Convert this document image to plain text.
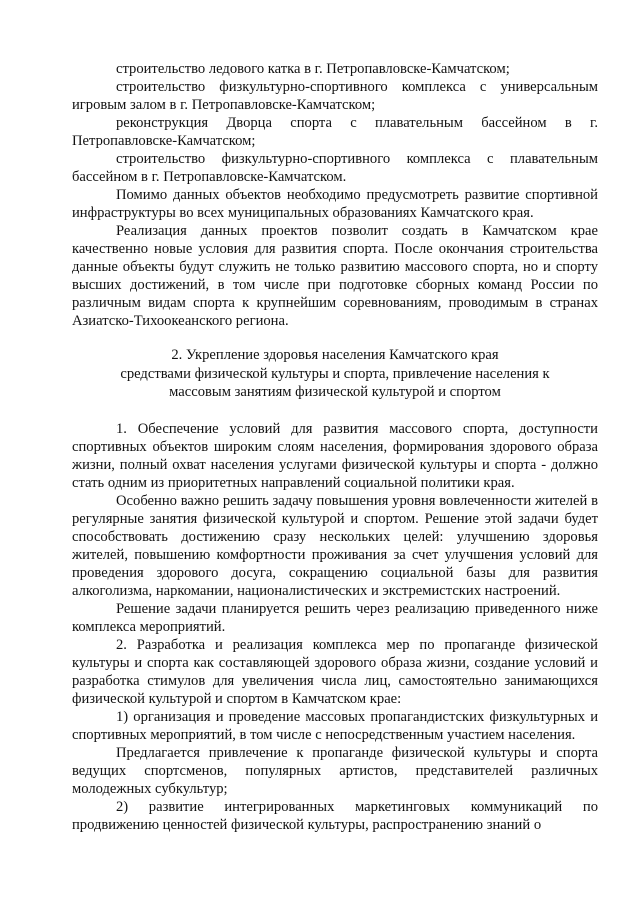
строительство ледового катка в г. Петропавловске-Камчатском;

строительство физкультурно-спортивного комплекса с универсальным игровым залом в г. Петропавловске-Камчатском;

реконструкция Дворца спорта с плавательным бассейном в г. Петропавловске-Камчатском;

строительство физкультурно-спортивного комплекса с плавательным бассейном в г. Петропавловске-Камчатском.

Помимо данных объектов необходимо предусмотреть развитие спортивной инфраструктуры во всех муниципальных образованиях Камчатского края.

Реализация данных проектов позволит создать в Камчатском крае качественно новые условия для развития спорта. После окончания строительства данные объекты будут служить не только развитию массового спорта, но и спорту высших достижений, в том числе при подготовке сборных команд России по различным видам спорта к крупнейшим соревнованиям, проводимым в странах Азиатско-Тихоокеанского региона.

2. Укрепление здоровья населения Камчатского края
средствами физической культуры и спорта, привлечение населения к
массовым занятиям физической культурой и спортом

1. Обеспечение условий для развития массового спорта, доступности спортивных объектов широким слоям населения, формирования здорового образа жизни, полный охват населения услугами физической культуры и спорта - должно стать одним из приоритетных направлений социальной политики края.

Особенно важно решить задачу повышения уровня вовлеченности жителей в регулярные занятия физической культурой и спортом. Решение этой задачи будет способствовать достижению сразу нескольких целей: улучшению здоровья жителей, повышению комфортности проживания за счет улучшения условий для проведения здорового досуга, сокращению социальной базы для развития алкоголизма, наркомании, националистических и экстремистских настроений.

Решение задачи планируется решить через реализацию приведенного ниже комплекса мероприятий.

2. Разработка и реализация комплекса мер по пропаганде физической культуры и спорта как составляющей здорового образа жизни, создание условий и разработка стимулов для увеличения числа лиц, самостоятельно занимающихся физической культурой и спортом в Камчатском крае:

1) организация и проведение массовых пропагандистских физкультурных и спортивных мероприятий, в том числе с непосредственным участием населения.

Предлагается привлечение к пропаганде физической культуры и спорта ведущих спортсменов, популярных артистов, представителей различных молодежных субкультур;

2) развитие интегрированных маркетинговых коммуникаций по продвижению ценностей физической культуры, распространению знаний о
